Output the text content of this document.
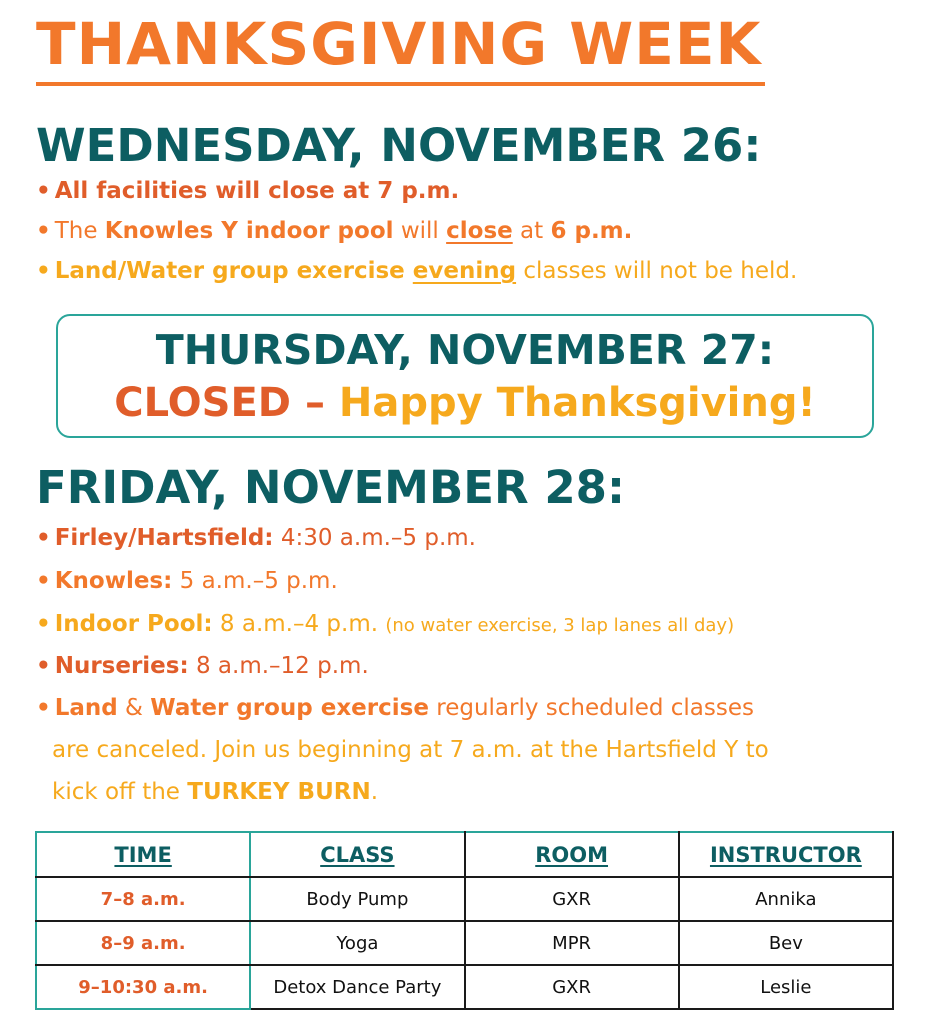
THANKSGIVING WEEK
WEDNESDAY, NOVEMBER 26:
• All facilities will close at 7 p.m.
• The Knowles Y indoor pool will close at 6 p.m.
• Land/Water group exercise evening classes will not be held.
THURSDAY, NOVEMBER 27:
CLOSED – Happy Thanksgiving!
FRIDAY, NOVEMBER 28:
• Firley/Hartsfield: 4:30 a.m.–5 p.m.
• Knowles: 5 a.m.–5 p.m.
• Indoor Pool: 8 a.m.–4 p.m. (no water exercise, 3 lap lanes all day)
• Nurseries: 8 a.m.–12 p.m.
• Land & Water group exercise regularly scheduled classes
are canceled. Join us beginning at 7 a.m. at the Hartsfield Y to
kick off the TURKEY BURN.
TIME	CLASS	ROOM	INSTRUCTOR
7–8 a.m.	Body Pump	GXR	Annika
8–9 a.m.	Yoga	MPR	Bev
9–10:30 a.m.	Detox Dance Party	GXR	Leslie
